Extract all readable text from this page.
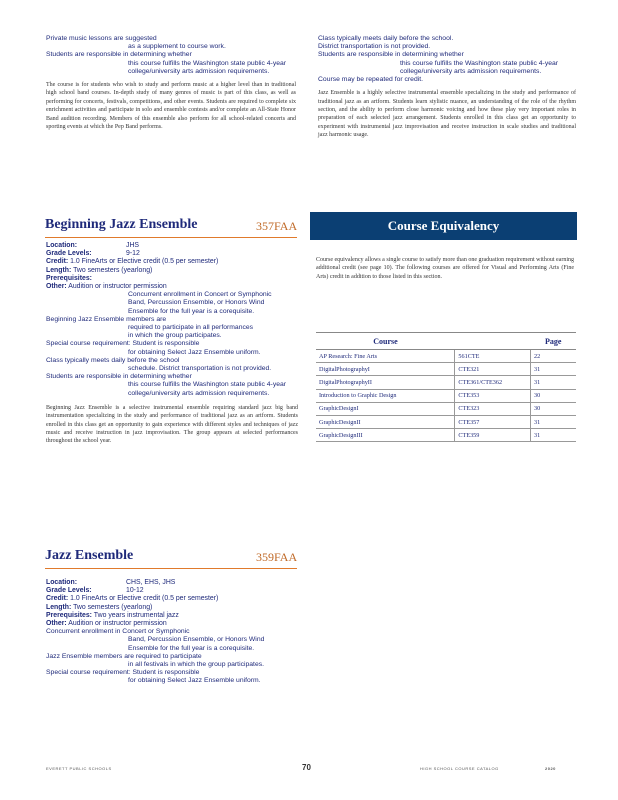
Private music lessons are suggested

as a supplement to course work.

Students are responsible in determining whether

this course fulfills the Washington state public 4-year

college/university arts admission requirements.

The course is for students who wish to study and perform music at a higher level than in traditional high school band courses. In-depth study of many genres of music is part of this class, as well as performing for concerts, festivals, competitions, and other events. Students are required to complete six enrichment activities and participate in solo and ensemble contests and/or complete an All-State Honor Band audition recording. Members of this ensemble also perform for all school-related concerts and sporting events at which the Pep Band performs.

Class typically meets daily before the school.

District transportation is not provided.

Students are responsible in determining whether

this course fulfills the Washington state public 4-year

college/university arts admission requirements.

Course may be repeated for credit.

Jazz Ensemble is a highly selective instrumental ensemble specializing in the study and performance of traditional jazz as an artform. Students learn stylistic nuance, an understanding of the role of the rhythm section, and the ability to perform close harmonic voicing and how these play very important roles in preparation of each selected jazz arrangement. Students enrolled in this class get an opportunity to experiment with instrumental jazz improvisation and receive instruction in scale studies and traditional jazz harmonic usage.

Beginning Jazz Ensemble	357FAA

Location:	JHS

Grade Levels:	9-12

Credit: 1.0 FineArts or Elective credit (0.5 per semester)

Length: Two semesters (yearlong)

Prerequisites:

Other: Audition or instructor permission

Concurrent enrollment in Concert or Symphonic

Band, Percussion Ensemble, or Honors Wind

Ensemble for the full year is a corequisite.

Beginning Jazz Ensemble members are

required to participate in all performances

in which the group participates.

Special course requirement: Student is responsible

for obtaining Select Jazz Ensemble uniform.

Class typically meets daily before the school

schedule. District transportation is not provided.

Students are responsible in determining whether

this course fulfills the Washington state public 4-year

college/university arts admission requirements.

Beginning Jazz Ensemble is a selective instrumental ensemble requiring standard jazz big band instrumentation specializing in the study and performance of traditional jazz as an artform. Students enrolled in this class get an opportunity to gain experience with different styles and techniques of jazz music and receive instruction in jazz improvisation. The group appears at selected performances throughout the school year.

Jazz Ensemble	359FAA

Location:	CHS, EHS, JHS

Grade Levels:	10-12

Credit: 1.0 FineArts or Elective credit (0.5 per semester)

Length: Two semesters (yearlong)

Prerequisites: Two years instrumental jazz

Other: Audition or instructor permission

Concurrent enrollment in Concert or Symphonic

Band, Percussion Ensemble, or Honors Wind

Ensemble for the full year is a corequisite.

Jazz Ensemble members are required to participate

in all festivals in which the group participates.

Special course requirement: Student is responsible

for obtaining Select Jazz Ensemble uniform.

Course Equivalency

Course equivalency allows a single course to satisfy more than one graduation requirement without earning additional credit (see page 10). The following courses are offered for Visual and Performing Arts (Fine Arts) credit in addition to those listed in this section.

Course		Page
AP Research: Fine Arts	561CTE	22
DigitalPhotographyI	CTE321	31
DigitalPhotographyII	CTE361/CTE362	31
Introduction to Graphic Design	CTE353	30
GraphicDesignI	CTE323	30
GraphicDesignII	CTE357	31
GraphicDesignIII	CTE359	31
EVERETT PUBLIC SCHOOLS	70	HIGH SCHOOL COURSE CATALOG	2020
